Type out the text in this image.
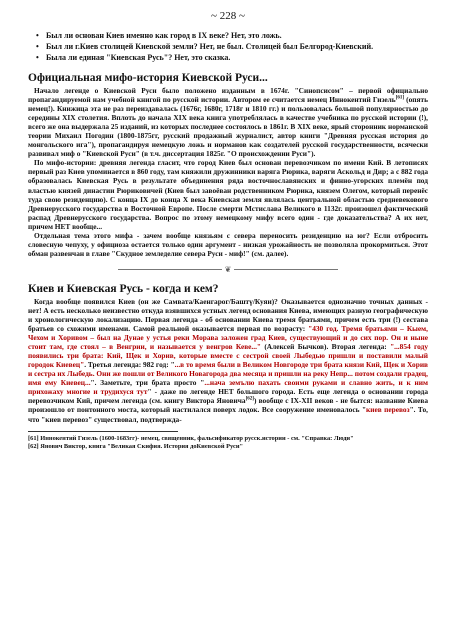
~ 228 ~
• Был ли основан Киев именно как город в IX веке? Нет, это ложь.
• Был ли г.Киев столицей Киевской земли? Нет, не был. Столицей был Белгород-Киевский.
• Была ли единая "Киевская Русь"? Нет, это сказка.
Официальная мифо-история Киевской Руси...

Начало легенде о Киевской Руси было положено изданным в 1674г. "Синопсисом" – первой официально пропагандируемой нам учебной книгой по русской истории. Автором ее считается немец Иннокентий Гизель[61] (опять немец!). Книжица эта не раз переиздавалась (1676г, 1680г, 1718г и 1810 гг.) и пользовалась большой популярностью до середины XIX столетия. Вплоть до начала XIX века книга употреблялась в качестве учебника по русской истории (!), всего же она выдержала 25 изданий, из которых последнее состоялось в 1861г. В XIX веке, ярый сторонник норманской теории Михаил Погодин (1800-1875гг, русский продажный журналист, автор книги "Древняя русская история до монгольского ига"), пропагандируя немецкую ложь и норманов как создателей русской государственности, всячески развивал миф о "Киевской Руси" (в т.ч. диссертация 1825г. "О происхождении Руси").

По мифо-истории: древняя легенда гласит, что город Киев был основан перевозчиком по имени Кий. В летописях первый раз Киев упоминается в 860 году, там княжили дружинники варяга Рюрика, варяги Аскольд и Дир; а с 882 года образовалась Киевская Русь в результате объединения ряда восточнославянских и финно-угорских племён под властью князей династии Рюриковичей (Киев был завоёван родственником Рюрика, князем Олегом, который перенёс туда свою резиденцию). С конца IX до конца X века Киевская земля являлась центральной областью средневекового Древнерусского государства в Восточной Европе. После смерти Мстислава Великого в 1132г. произошел фактический распад Древнерусского государства. Вопрос по этому немецкому мифу всего один - где доказательства? А их нет, причем НЕТ вообще...

Отдельная тема этого мифа - зачем вообще князьям с севера переносить резиденцию на юг? Если отбросить словесную чепуху, у официоза остается только один аргумент - низкая урожайность не позволяла прокормиться. Этот обман развенчан в главе "Скудное земледелие севера Руси - миф!" (см. далее).

❦
Киев и Киевская Русь - когда и кем?

Когда вообще появился Киев (он же Самвата/Каенгарог/Баштү/Куяи)? Оказывается однозначно точных данных - нет! А есть несколько неизвестно откуда взявшихся устных легенд основания Киева, имеющих разную географическую и хронологическую локализацию. Первая легенда - об основании Киева тремя братьями, причем есть три (!) сестава братьев со схожими именами. Самой реальной оказывается первая по возрасту: "430 год. Тремя братьями – Кыем, Чехом и Хоривом – был на Дунае у устья реки Морава заложен град Киев, существующий и до сих пор. Он и ныне стоит там, где стоял – в Венгрии, и называется у венгров Кеве..." (Алексей Бычков). Вторая легенда: "...854 году появились три брата: Кий, Щек и Хорив, которые вместе с сестрой своей Лыбедью пришли и поставили малый городок Киевец". Третья легенда: 982 год: "...в то время были в Великом Новгороде три брата князи Кий, Щек и Хорив и сестра их Лыбедь. Они же пошли от Великого Новагорода два месяца и пришли на реку Непр... потом создали градец, имя ему Киевец...". Заметьте, три брата просто "...нача земълю пахать своими руками и славно жить, и к ним прихожаху многие и трудихуся тут" - даже по легенде НЕТ большого города. Есть еще легенда о основании города перевозчиком Кий, причем легенда (см. книгу Виктора Яновича[62]) вообще с IX-XII веков - не бытся: название Киева произошло от понтонного моста, который настилался поверх лодок. Все сооружение именовалось "киев перевоз". То, что "киев перевоз" существовал, подтвержда-

[61] Иннокентий Гизель (1600-1683гг)- немец, священник, фальсификатор русск.истории - см. "Справка: Люди"
[62] Янович Виктор, книга "Великая Скифия. История доКиевской Руси"
